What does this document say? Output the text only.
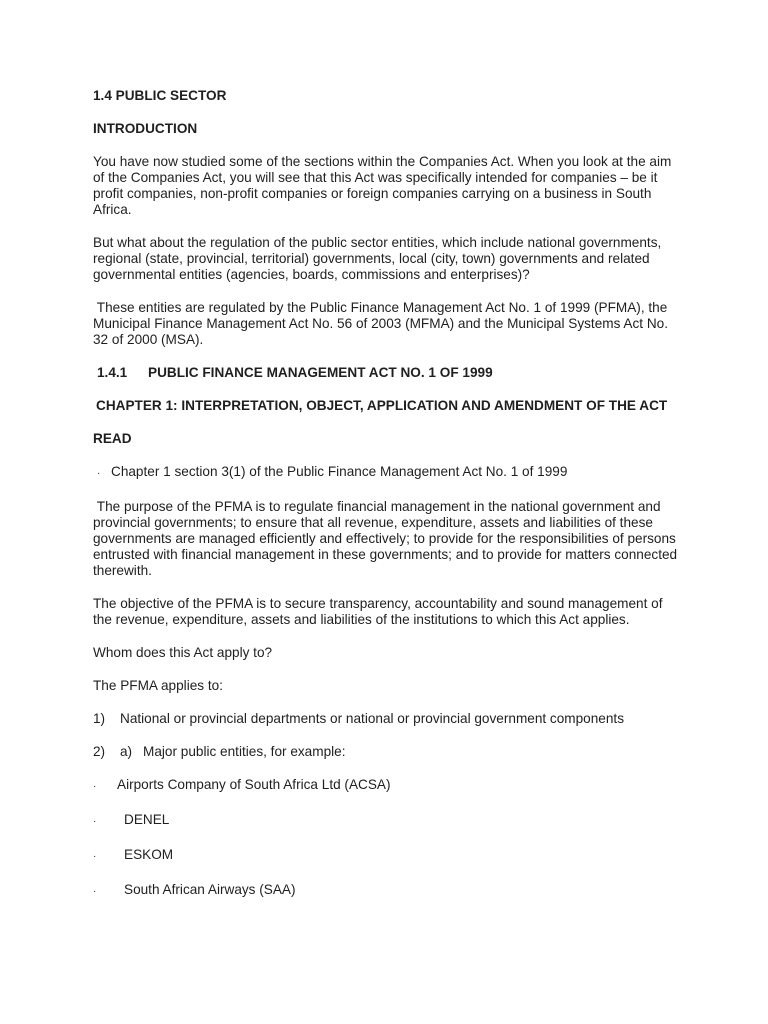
1.4 PUBLIC SECTOR

INTRODUCTION

You have now studied some of the sections within the Companies Act. When you look at the aim of the Companies Act, you will see that this Act was specifically intended for companies – be it profit companies, non-profit companies or foreign companies carrying on a business in South Africa.

But what about the regulation of the public sector entities, which include national governments, regional (state, provincial, territorial) governments, local (city, town) governments and related governmental entities (agencies, boards, commissions and enterprises)?

These entities are regulated by the Public Finance Management Act No. 1 of 1999 (PFMA), the Municipal Finance Management Act No. 56 of 2003 (MFMA) and the Municipal Systems Act No. 32 of 2000 (MSA).

1.4.1	PUBLIC FINANCE MANAGEMENT ACT NO. 1 OF 1999

CHAPTER 1: INTERPRETATION, OBJECT, APPLICATION AND AMENDMENT OF THE ACT

READ

· Chapter 1 section 3(1) of the Public Finance Management Act No. 1 of 1999

The purpose of the PFMA is to regulate financial management in the national government and provincial governments; to ensure that all revenue, expenditure, assets and liabilities of these governments are managed efficiently and effectively; to provide for the responsibilities of persons entrusted with financial management in these governments; and to provide for matters connected therewith.

The objective of the PFMA is to secure transparency, accountability and sound management of the revenue, expenditure, assets and liabilities of the institutions to which this Act applies.

Whom does this Act apply to?

The PFMA applies to:

1)	National or provincial departments or national or provincial government components
2)	a) Major public entities, for example:
·	Airports Company of South Africa Ltd (ACSA)
·	DENEL
·	ESKOM
·	South African Airways (SAA)
